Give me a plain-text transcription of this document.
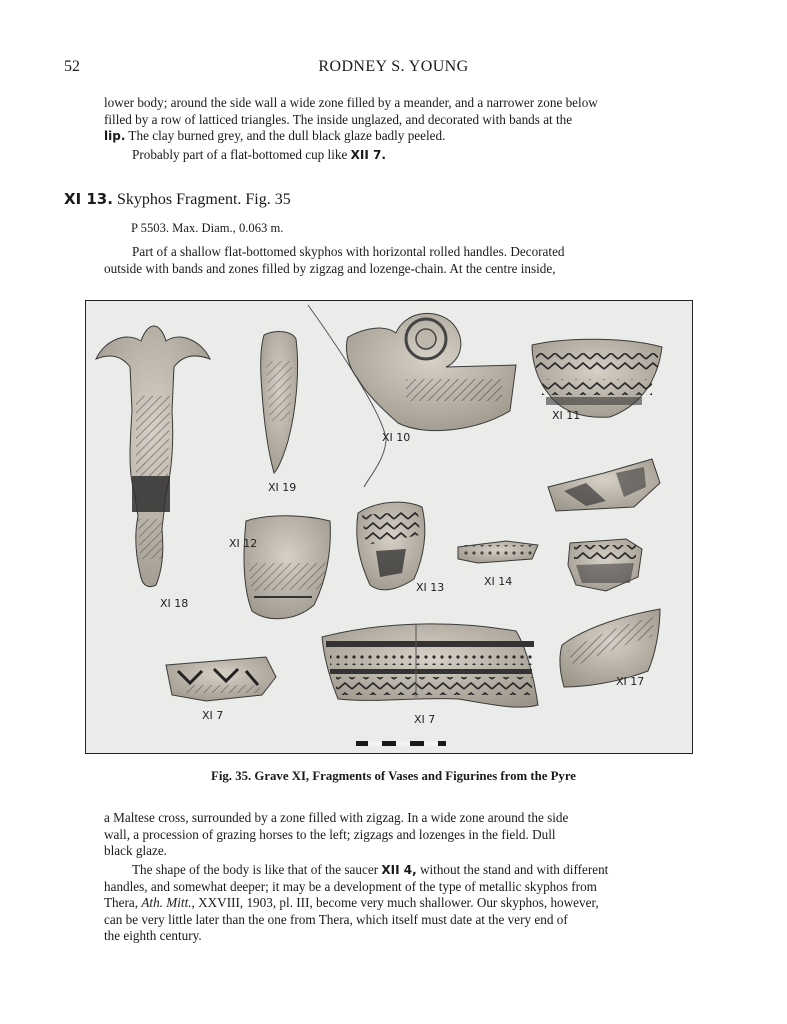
52	RODNEY S. YOUNG
lower body; around the side wall a wide zone filled by a meander, and a narrower zone below
filled by a row of latticed triangles. The inside unglazed, and decorated with bands at the
lip. The clay burned grey, and the dull black glaze badly peeled.
Probably part of a flat-bottomed cup like XII 7.
XI 13. Skyphos Fragment. Fig. 35
P 5503. Max. Diam., 0.063 m.
Part of a shallow flat-bottomed skyphos with horizontal rolled handles. Decorated
outside with bands and zones filled by zigzag and lozenge-chain. At the centre inside,
XI 10
XI 11
XI 19
XI 12
XI 13	XI 14
XI 18
XI 7	XI 7
XI 17
Fig. 35. Grave XI, Fragments of Vases and Figurines from the Pyre
a Maltese cross, surrounded by a zone filled with zigzag. In a wide zone around the side
wall, a procession of grazing horses to the left; zigzags and lozenges in the field. Dull
black glaze.
The shape of the body is like that of the saucer XII 4, without the stand and with different
handles, and somewhat deeper; it may be a development of the type of metallic skyphos from
Thera, Ath. Mitt., XXVIII, 1903, pl. III, become very much shallower. Our skyphos, however,
can be very little later than the one from Thera, which itself must date at the very end of
the eighth century.
